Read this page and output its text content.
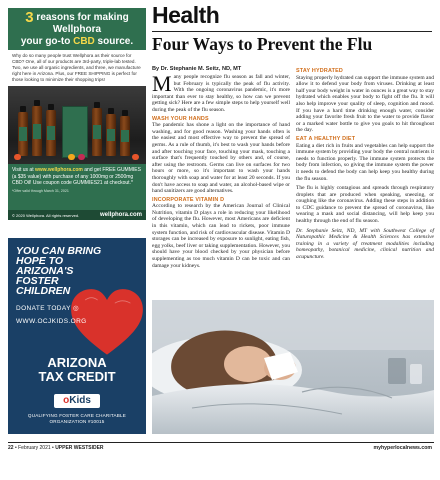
3 reasons for making Wellphora
your go-to CBD source.
Why do so many people trust Wellphora as their source for CBD? One, all of our products are 3rd-party, triple-lab tested. Two, we use all organic ingredients, and three, we manufacture right here in Arizona. Plus, our FREE SHIPPING is perfect for those looking to minimize their shopping trips!
Visit us at www.wellphora.com and get FREE GUMMIES (a $35 value) with purchase of any 1000mg or 2500mg CBD Oil! Use coupon code GUMMIES21 at checkout.*
*Offer valid through March 31, 2021
© 2020 Wellphora. All rights reserved.	wellphora.com
YOU CAN BRING HOPE TO ARIZONA'S FOSTER CHILDREN
DONATE TODAY ◎
WWW.OCJKIDS.ORG
ARIZONA
TAX CREDIT
oKids
QUALIFYING FOSTER CARE CHARITABLE
ORGANIZATION #10015
Health
Four Ways to Prevent the Flu
By Dr. Stephanie M. Seitz, ND, MT

Many people recognize flu season as fall and winter, but February is typically the peak of flu activity. With the ongoing coronavirus pandemic, it's more important than ever to stay healthy, so how can we prevent getting sick? Here are a few simple steps to help yourself well during the peak of the flu season.

WASH YOUR HANDS

The pandemic has shone a light on the importance of hand washing, and for good reason. Washing your hands often is the easiest and most effective way to prevent the spread of germs. As a rule of thumb, it's best to wash your hands before and after touching your face, touching your mask, touching a surface that's frequently touched by others and, of course, after using the restroom. Germs can live on surfaces for two hours or more, so it's important to wash your hands thoroughly with soap and water for at least 20 seconds. If you don't have access to soap and water, an alcohol-based wipe or hand sanitizers are good alternatives.

INCORPORATE VITAMIN D

According to research by the American Journal of Clinical Nutrition, vitamin D plays a role in reducing your likelihood of developing the flu. However, most Americans are deficient in this vitamin, which can lead to rickets, poor immune system function, and risk of cardiovascular disease. Vitamin D storages can be increased by exposure to sunlight, eating fish, egg yolks, beef liver or taking supplementation. However, you should have your blood checked by your physician before supplementing as too much vitamin D can be toxic and can damage your kidneys.

STAY HYDRATED

Staying properly hydrated can support the immune system and allow it to defend your body from viruses. Drinking at least half your body weight in water in ounces is a great way to stay hydrated which enables your body to fight off the flu. It will also help improve your quality of sleep, cognition and mood. If you have a hard time drinking enough water, consider adding your favorite fresh fruit to the water to provide flavor or a marked water bottle to give you goals to hit throughout the day.

EAT A HEALTHY DIET

Eating a diet rich in fruits and vegetables can help support the immune system by providing your body the central nutrients it needs to function properly. The immune system protects the body from infection, so giving the immune system the power it needs to defend the body can help keep you healthy during the flu season.

The flu is highly contagious and spreads through respiratory droplets that are produced when speaking, sneezing, or coughing like the coronavirus. Adding these steps in addition to CDC guidance to prevent the spread of coronavirus, like wearing a mask and social distancing, will help keep you healthy through the end of flu season.

Dr. Stephanie Seitz, ND, MT with Southwest College of Naturopathic Medicine & Health Sciences has extensive training in a variety of treatment modalities including homeopathy, botanical medicine, clinical nutrition and acupuncture.

22 • February 2021 • UPPER WESTSIDER	myhyperlocalnews.com
